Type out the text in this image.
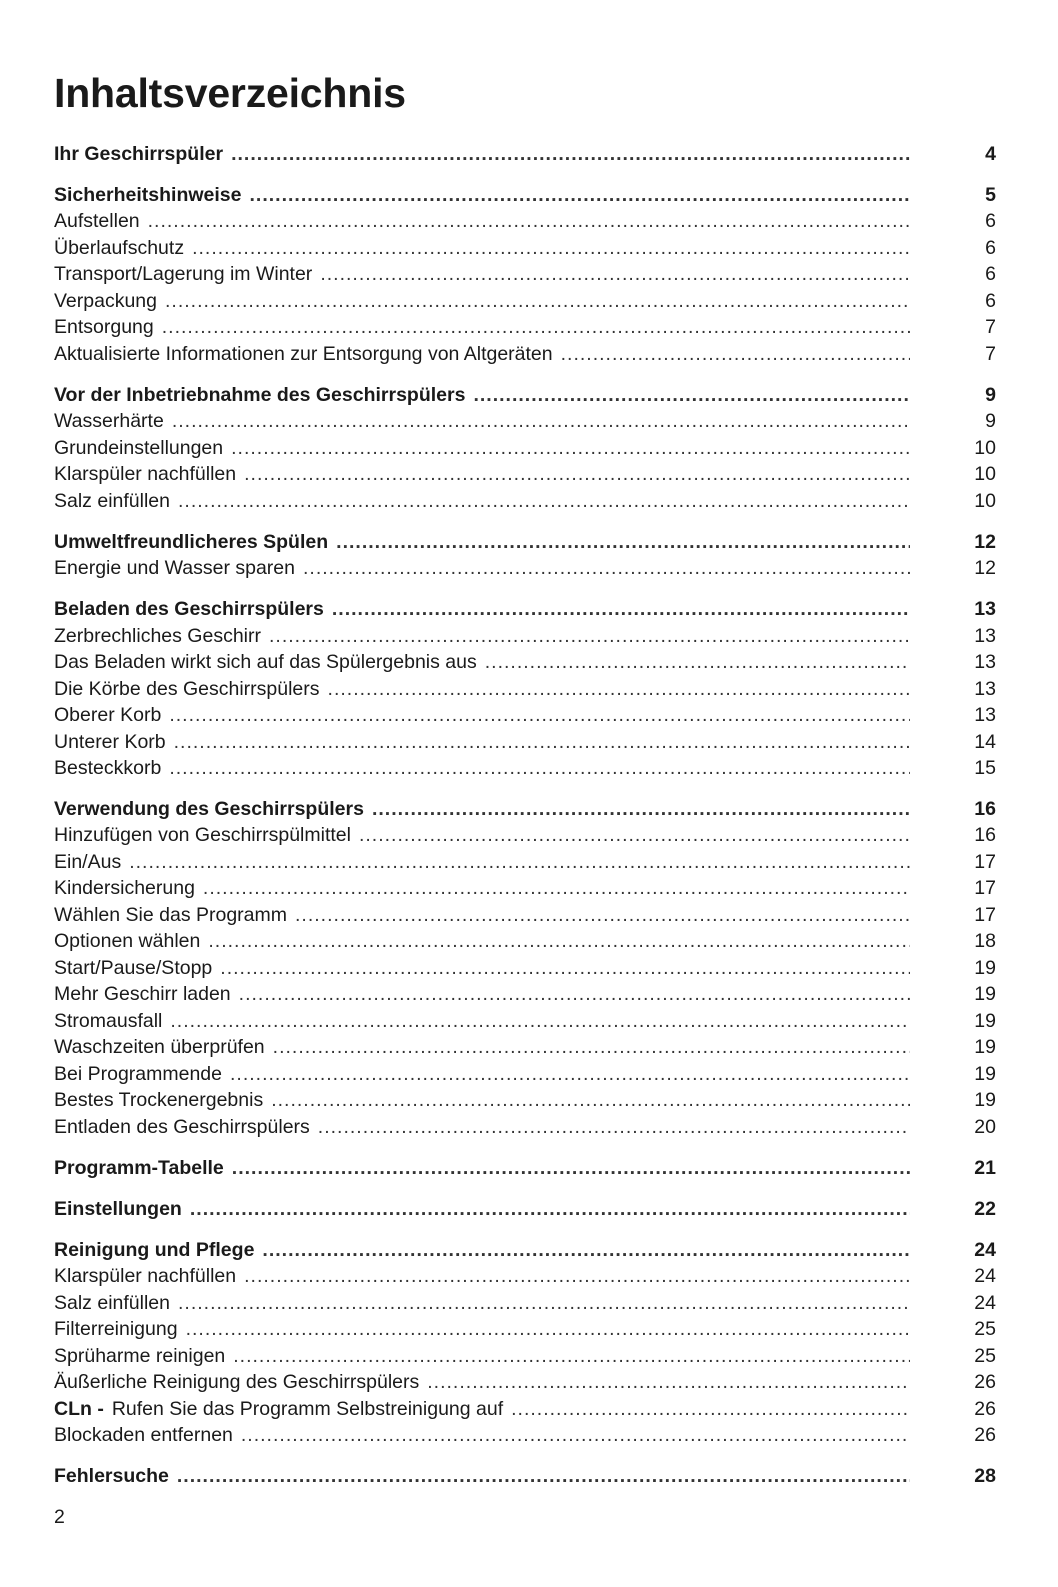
Inhaltsverzeichnis
Ihr Geschirrspüler .....	4
Sicherheitshinweise .....	5
Aufstellen .....	6
Überlaufschutz .....	6
Transport/Lagerung im Winter .....	6
Verpackung .....	6
Entsorgung .....	7
Aktualisierte Informationen zur Entsorgung von Altgeräten .....	7
Vor der Inbetriebnahme des Geschirrspülers .....	9
Wasserhärte .....	9
Grundeinstellungen .....	10
Klarspüler nachfüllen .....	10
Salz einfüllen .....	10
Umweltfreundlicheres Spülen .....	12
Energie und Wasser sparen .....	12
Beladen des Geschirrspülers .....	13
Zerbrechliches Geschirr .....	13
Das Beladen wirkt sich auf das Spülergebnis aus .....	13
Die Körbe des Geschirrspülers .....	13
Oberer Korb .....	13
Unterer Korb .....	14
Besteckkorb .....	15
Verwendung des Geschirrspülers .....	16
Hinzufügen von Geschirrspülmittel .....	16
Ein/Aus .....	17
Kindersicherung .....	17
Wählen Sie das Programm .....	17
Optionen wählen .....	18
Start/Pause/Stopp .....	19
Mehr Geschirr laden .....	19
Stromausfall .....	19
Waschzeiten überprüfen .....	19
Bei Programmende .....	19
Bestes Trockenergebnis .....	19
Entladen des Geschirrspülers .....	20
Programm-Tabelle .....	21
Einstellungen .....	22
Reinigung und Pflege .....	24
Klarspüler nachfüllen .....	24
Salz einfüllen .....	24
Filterreinigung .....	25
Sprüharme reinigen .....	25
Äußerliche Reinigung des Geschirrspülers .....	26
CLn - Rufen Sie das Programm Selbstreinigung auf .....	26
Blockaden entfernen .....	26
Fehlersuche .....	28
2
